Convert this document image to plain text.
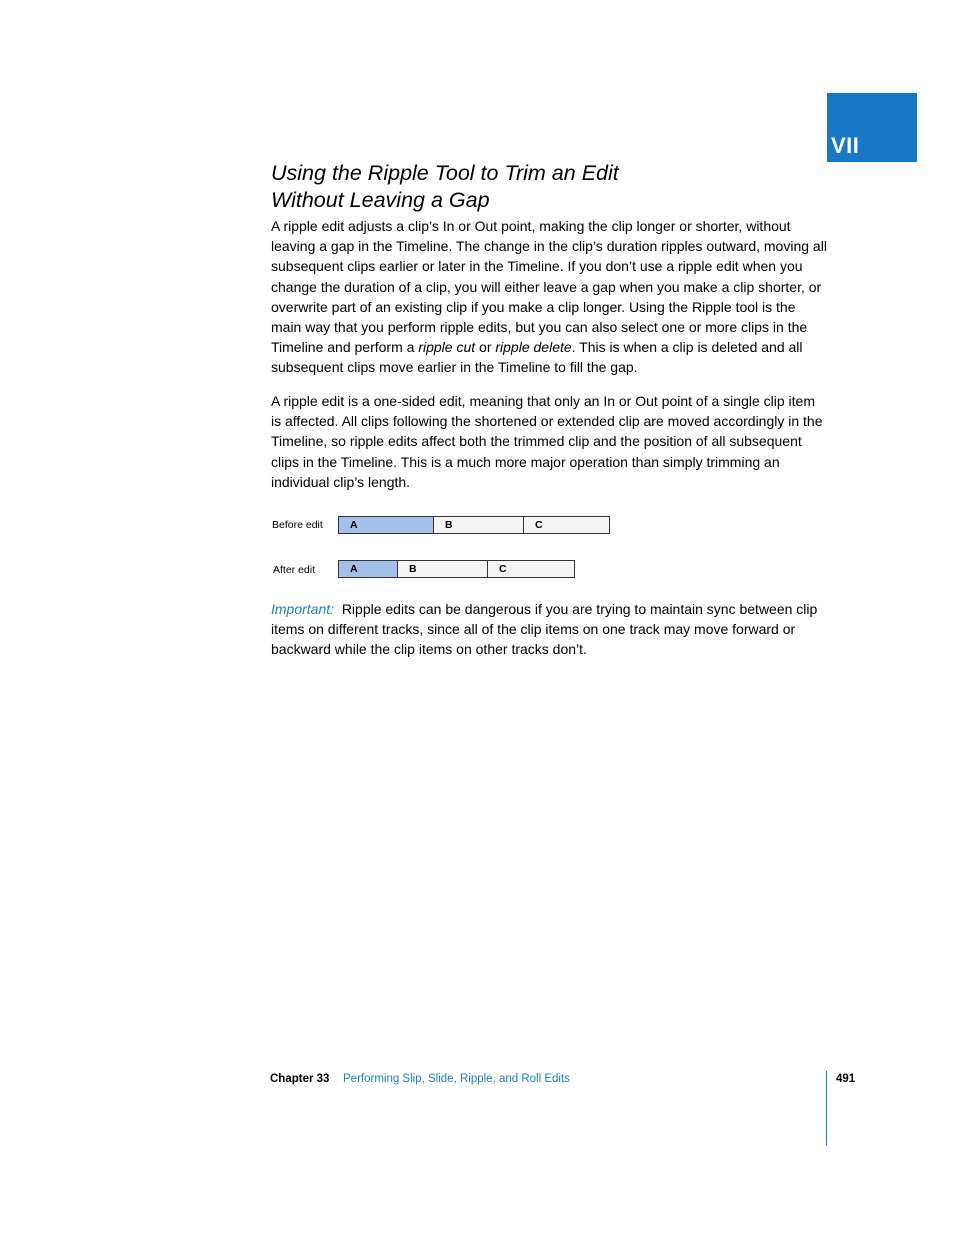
VII
Using the Ripple Tool to Trim an Edit
Without Leaving a Gap

A ripple edit adjusts a clip’s In or Out point, making the clip longer or shorter, without leaving a gap in the Timeline. The change in the clip’s duration ripples outward, moving all subsequent clips earlier or later in the Timeline. If you don’t use a ripple edit when you change the duration of a clip, you will either leave a gap when you make a clip shorter, or overwrite part of an existing clip if you make a clip longer. Using the Ripple tool is the main way that you perform ripple edits, but you can also select one or more clips in the Timeline and perform a ripple cut or ripple delete. This is when a clip is deleted and all subsequent clips move earlier in the Timeline to fill the gap.

A ripple edit is a one-sided edit, meaning that only an In or Out point of a single clip item is affected. All clips following the shortened or extended clip are moved accordingly in the Timeline, so ripple edits affect both the trimmed clip and the position of all subsequent clips in the Timeline. This is a much more major operation than simply trimming an individual clip’s length.

Before edit	A	B	C
After edit	A	B	C

Important: Ripple edits can be dangerous if you are trying to maintain sync between clip items on different tracks, since all of the clip items on one track may move forward or backward while the clip items on other tracks don’t.

Chapter 33 Performing Slip, Slide, Ripple, and Roll Edits	491
